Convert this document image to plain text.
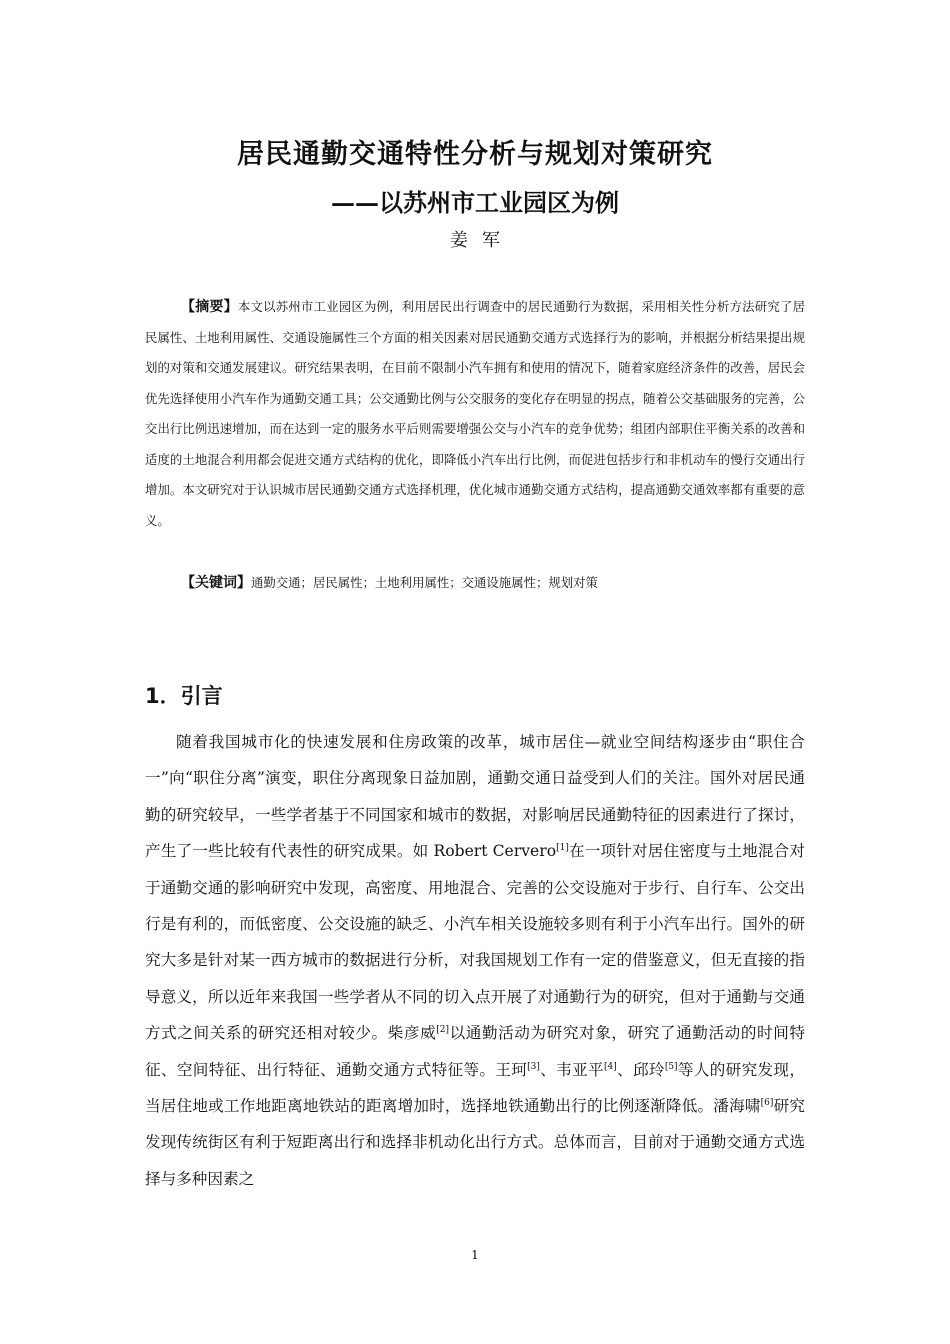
居民通勤交通特性分析与规划对策研究
——以苏州市工业园区为例

姜军

【摘要】本文以苏州市工业园区为例，利用居民出行调查中的居民通勤行为数据，采用相关性分析方法研究了居民属性、土地利用属性、交通设施属性三个方面的相关因素对居民通勤交通方式选择行为的影响，并根据分析结果提出规划的对策和交通发展建议。研究结果表明，在目前不限制小汽车拥有和使用的情况下，随着家庭经济条件的改善，居民会优先选择使用小汽车作为通勤交通工具；公交通勤比例与公交服务的变化存在明显的拐点，随着公交基础服务的完善，公交出行比例迅速增加，而在达到一定的服务水平后则需要增强公交与小汽车的竞争优势；组团内部职住平衡关系的改善和适度的土地混合利用都会促进交通方式结构的优化，即降低小汽车出行比例，而促进包括步行和非机动车的慢行交通出行增加。本文研究对于认识城市居民通勤交通方式选择机理，优化城市通勤交通方式结构，提高通勤交通效率都有重要的意义。

【关键词】通勤交通；居民属性；土地利用属性；交通设施属性；规划对策

1．引言

随着我国城市化的快速发展和住房政策的改革，城市居住—就业空间结构逐步由“职住合一”向“职住分离”演变，职住分离现象日益加剧，通勤交通日益受到人们的关注。国外对居民通勤的研究较早，一些学者基于不同国家和城市的数据，对影响居民通勤特征的因素进行了探讨，产生了一些比较有代表性的研究成果。如 Robert Cervero[1]在一项针对居住密度与土地混合对于通勤交通的影响研究中发现，高密度、用地混合、完善的公交设施对于步行、自行车、公交出行是有利的，而低密度、公交设施的缺乏、小汽车相关设施较多则有利于小汽车出行。国外的研究大多是针对某一西方城市的数据进行分析，对我国规划工作有一定的借鉴意义，但无直接的指导意义，所以近年来我国一些学者从不同的切入点开展了对通勤行为的研究，但对于通勤与交通方式之间关系的研究还相对较少。柴彦威[2]以通勤活动为研究对象，研究了通勤活动的时间特征、空间特征、出行特征、通勤交通方式特征等。王珂[3]、韦亚平[4]、邱玲[5]等人的研究发现，当居住地或工作地距离地铁站的距离增加时，选择地铁通勤出行的比例逐渐降低。潘海啸[6]研究发现传统街区有利于短距离出行和选择非机动化出行方式。总体而言，目前对于通勤交通方式选择与多种因素之

1
